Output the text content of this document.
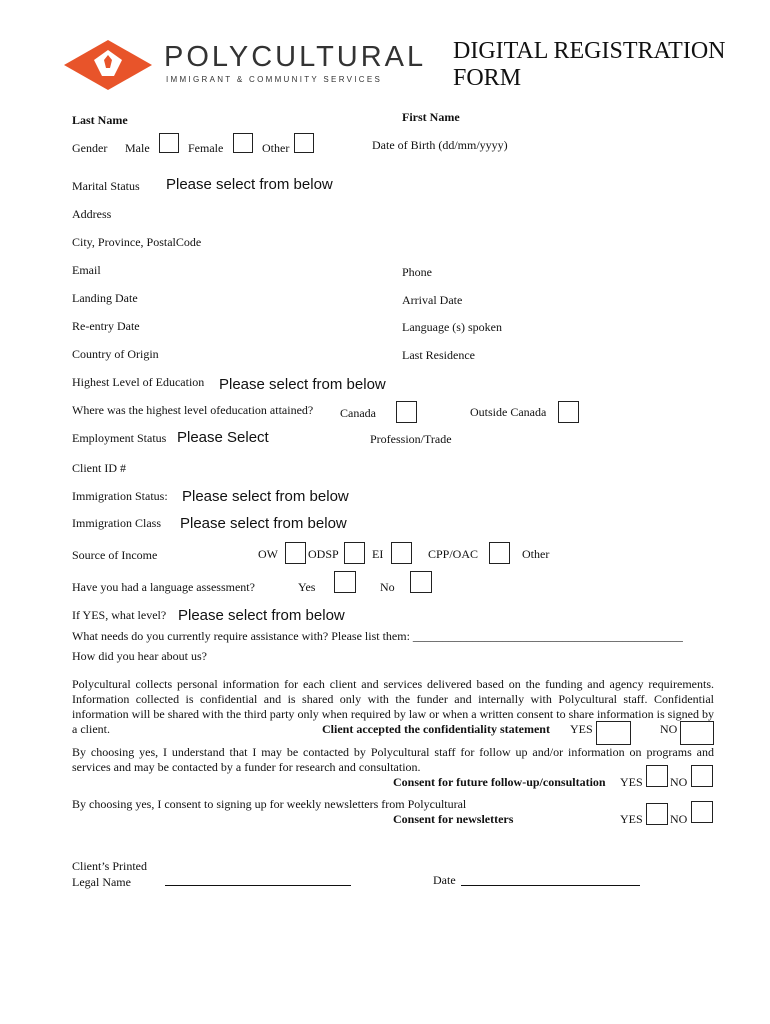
POLYCULTURAL
IMMIGRANT & COMMUNITY SERVICES
DIGITAL REGISTRATION
FORM
Last Name	First Name
Gender Male	Female	Other	Date of Birth (dd/mm/yyyy)
Marital Status Please select from below
Address
City, Province, PostalCode
Email	Phone
Landing Date	Arrival Date
Re-entry Date	Language (s) spoken
Country of Origin	Last Residence
Highest Level of Education Please select from below
Where was the highest level ofeducation attained? Canada	Outside Canada
Employment Status Please Select	Profession/Trade
Client ID #
Immigration Status: Please select from below
Immigration Class Please select from below
Source of Income	OW	ODSP	EI	CPP/OAC	Other
Have you had a language assessment?	Yes	No
If YES, what level? Please select from below
What needs do you currently require assistance with? Please list them: _____________________________________________
How did you hear about us?
Polycultural collects personal information for each client and services delivered based on the funding and agency requirements. Information collected is confidential and is shared only with the funder and internally with Polycultural staff. Confidential information will be shared with the third party only when required by law or when a written consent to share information is signed by a client.	Client accepted the confidentiality statement YES	NO
By choosing yes, I understand that I may be contacted by Polycultural staff for follow up and/or information on programs and services and may be contacted by a funder for research and consultation.
Consent for future follow-up/consultation YES NO
By choosing yes, I consent to signing up for weekly newsletters from Polycultural
Consent for newsletters	YES NO
Client’s Printed
Legal Name	Date
